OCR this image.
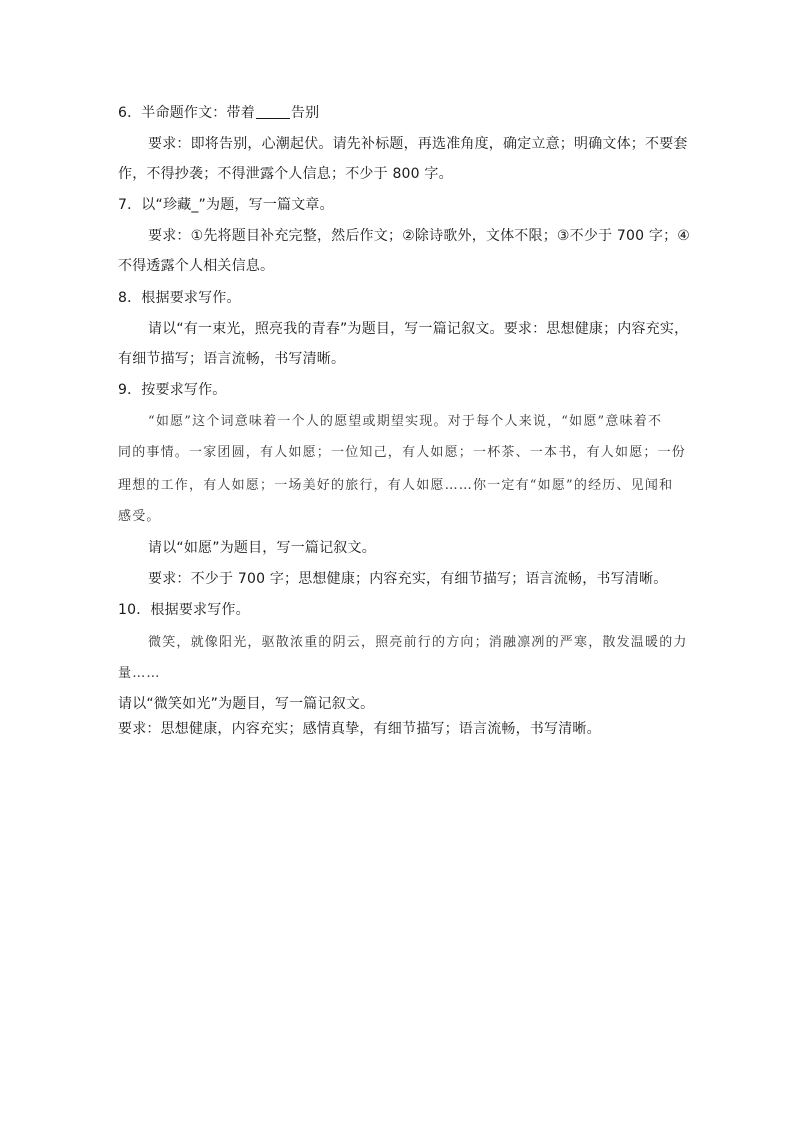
6．半命题作文：带着	告别
要求：即将告别，心潮起伏。请先补标题，再选准角度，确定立意；明确文体；不要套
作，不得抄袭；不得泄露个人信息；不少于 800 字。
7．以“珍藏_”为题，写一篇文章。
要求：①先将题目补充完整，然后作文；②除诗歌外，文体不限；③不少于 700 字；④
不得透露个人相关信息。
8．根据要求写作。
请以“有一束光，照亮我的青春”为题目，写一篇记叙文。要求：思想健康；内容充实，
有细节描写；语言流畅，书写清晰。
9．按要求写作。
“如愿”这个词意味着一个人的愿望或期望实现。对于每个人来说，“如愿”意味着不
同的事情。一家团圆，有人如愿；一位知己，有人如愿；一杯茶、一本书，有人如愿；一份
理想的工作，有人如愿；一场美好的旅行，有人如愿……你一定有“如愿”的经历、见闻和
感受。
请以“如愿”为题目，写一篇记叙文。
要求：不少于 700 字；思想健康；内容充实，有细节描写；语言流畅，书写清晰。
10．根据要求写作。
微笑，就像阳光，驱散浓重的阴云，照亮前行的方向；消融凛冽的严寒，散发温暖的力
量……
请以“微笑如光”为题目，写一篇记叙文。
要求：思想健康，内容充实；感情真挚，有细节描写；语言流畅，书写清晰。
